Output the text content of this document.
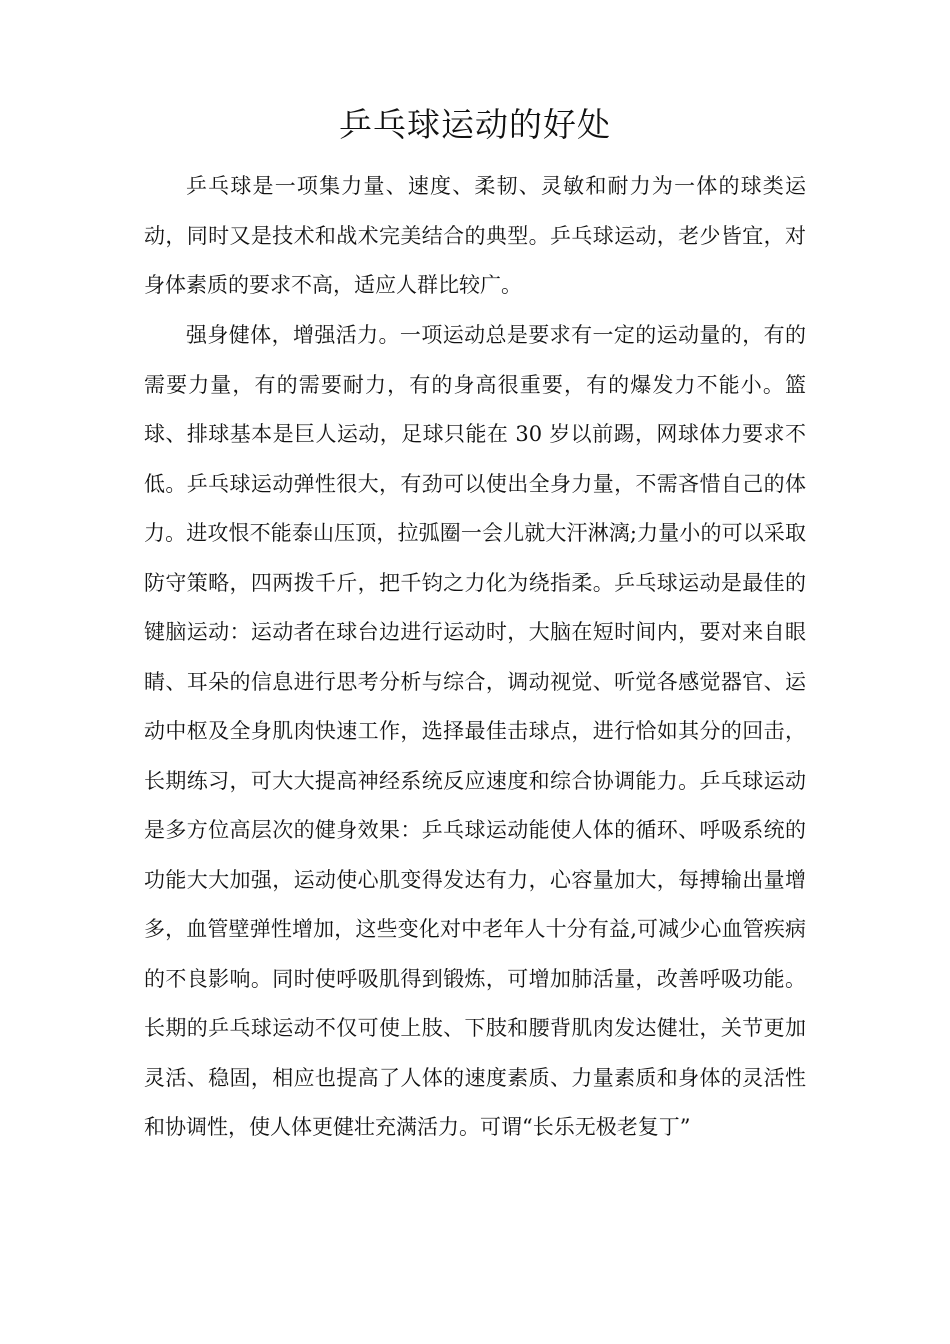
乒乓球运动的好处

乒乓球是一项集力量、速度、柔韧、灵敏和耐力为一体的球类运动，同时又是技术和战术完美结合的典型。乒乓球运动，老少皆宜，对身体素质的要求不高，适应人群比较广。

强身健体，增强活力。一项运动总是要求有一定的运动量的，有的需要力量，有的需要耐力，有的身高很重要，有的爆发力不能小。篮球、排球基本是巨人运动，足球只能在 30 岁以前踢，网球体力要求不低。乒乓球运动弹性很大，有劲可以使出全身力量，不需吝惜自己的体力。进攻恨不能泰山压顶，拉弧圈一会儿就大汗淋漓;力量小的可以采取防守策略，四两拨千斤，把千钧之力化为绕指柔。乒乓球运动是最佳的键脑运动：运动者在球台边进行运动时，大脑在短时间内，要对来自眼睛、耳朵的信息进行思考分析与综合，调动视觉、听觉各感觉器官、运动中枢及全身肌肉快速工作，选择最佳击球点，进行恰如其分的回击，长期练习，可大大提高神经系统反应速度和综合协调能力。乒乓球运动是多方位高层次的健身效果：乒乓球运动能使人体的循环、呼吸系统的功能大大加强，运动使心肌变得发达有力，心容量加大，每搏输出量增多，血管壁弹性增加，这些变化对中老年人十分有益,可减少心血管疾病的不良影响。同时使呼吸肌得到锻炼，可增加肺活量，改善呼吸功能。长期的乒乓球运动不仅可使上肢、下肢和腰背肌肉发达健壮，关节更加灵活、稳固，相应也提高了人体的速度素质、力量素质和身体的灵活性和协调性，使人体更健壮充满活力。可谓“长乐无极老复丁”
